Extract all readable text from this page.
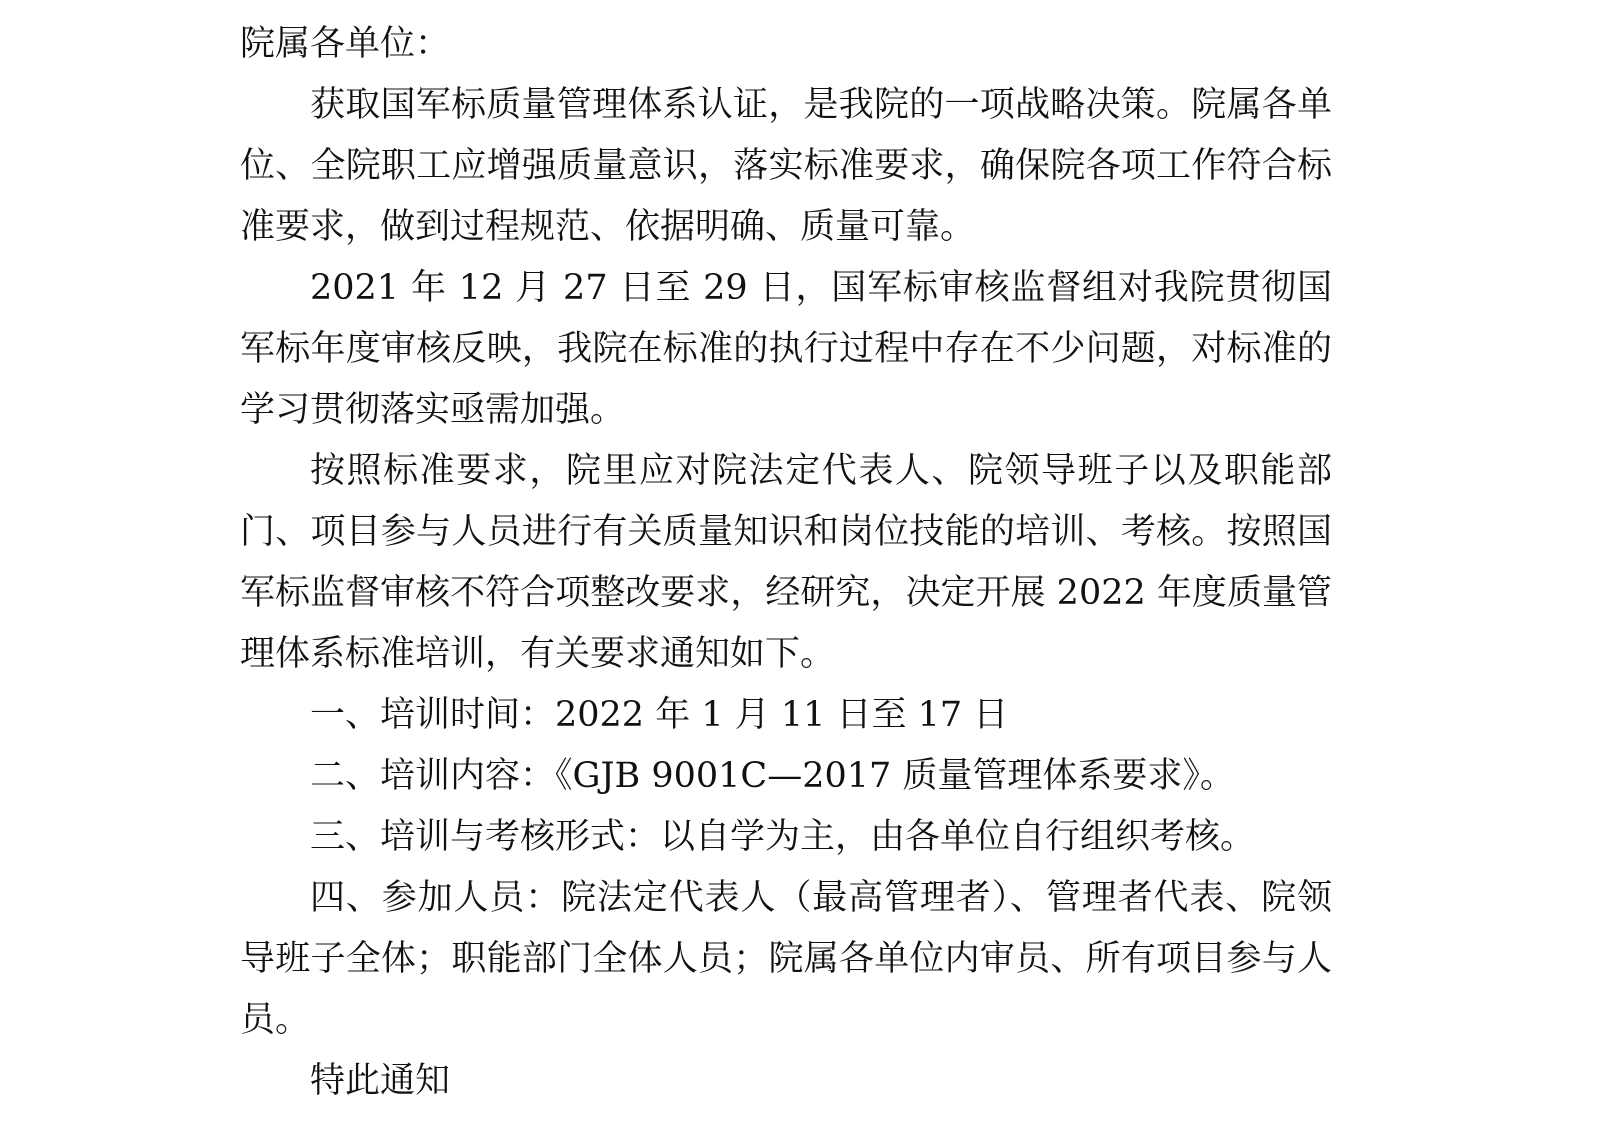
院属各单位：

获取国军标质量管理体系认证，是我院的一项战略决策。院属各单位、全院职工应增强质量意识，落实标准要求，确保院各项工作符合标准要求，做到过程规范、依据明确、质量可靠。

2021 年 12 月 27 日至 29 日，国军标审核监督组对我院贯彻国军标年度审核反映，我院在标准的执行过程中存在不少问题，对标准的学习贯彻落实亟需加强。

按照标准要求，院里应对院法定代表人、院领导班子以及职能部门、项目参与人员进行有关质量知识和岗位技能的培训、考核。按照国军标监督审核不符合项整改要求，经研究，决定开展 2022 年度质量管理体系标准培训，有关要求通知如下。

一、培训时间：2022 年 1 月 11 日至 17 日

二、培训内容：《GJB 9001C—2017 质量管理体系要求》。

三、培训与考核形式：以自学为主，由各单位自行组织考核。

四、参加人员：院法定代表人（最高管理者）、管理者代表、院领导班子全体；职能部门全体人员；院属各单位内审员、所有项目参与人员。

特此通知
